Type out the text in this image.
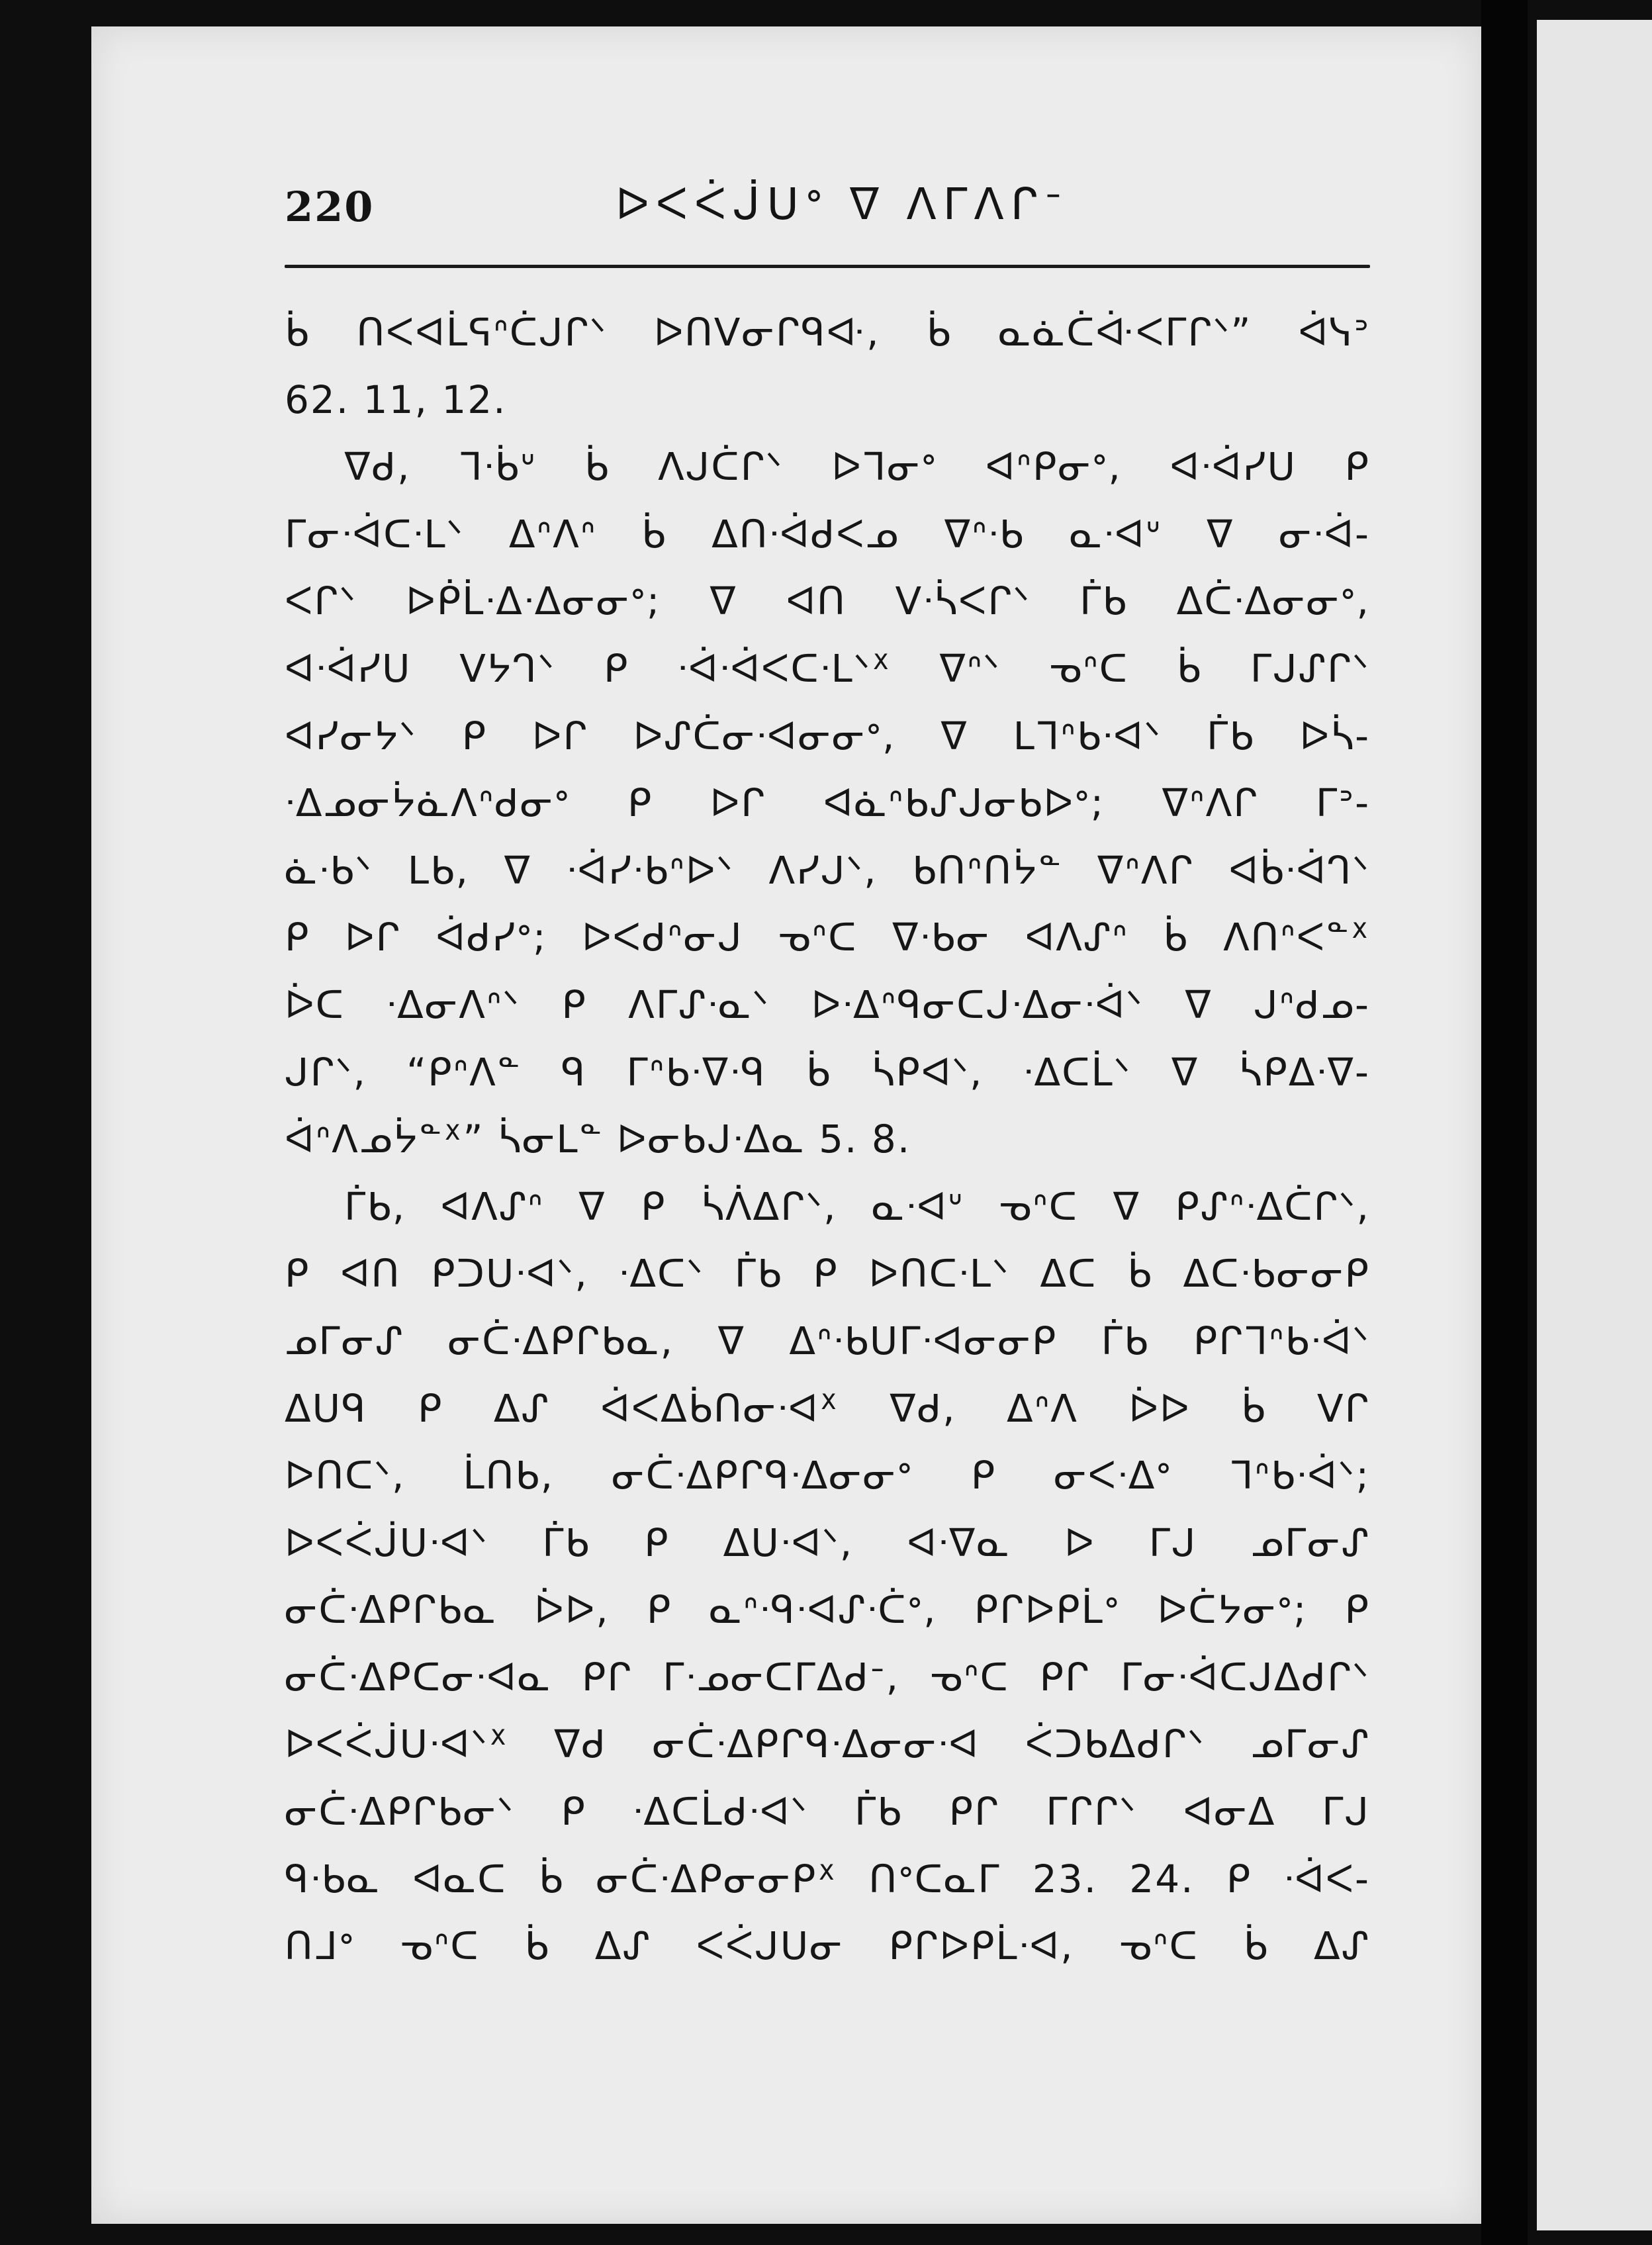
220	ᐅᐸᐹᒎᑌᐤ ᐁ ᐱᒥᐱᒋᐨ
ᑳ ᑎᐸᐊᒫᕋᐢᑖᒍᒋᐠ ᐅᑎᐯᓂᒋᑫᐘ, ᑳ ᓇᓈᑖᐚᐸᒥᒋᐠ” ᐋᓭᐣ
62. 11, 12.
ᐁᑯ, ᒣᐧᑳᐡ ᑳ ᐱᒍᑖᒋᐠ ᐅᒣᓂᐤ ᐊᐢᑭᓂᐤ, ᐊᐧᐋᓯᑌ ᑭ
ᒥᓂᐧᐋᑕᐧᒪᐠ ᐃᐢᐱᐢ ᑳ ᐃᑎᐧᐋᑯᐸᓄ ᐁᐢᐧᑲ ᓇᐧᐊᐡ ᐁ ᓂᐧᐋ-
ᐸᒋᐠ ᐅᑮᒫᐧᐃᐧᐃᓂᓂᐤ; ᐁ ᐊᑎ ᐯᐧᓵᐸᒋᐠ ᒦᑲ ᐃᑖᐧᐃᓂᓂᐤ,
ᐊᐧᐋᓯᑌ ᐯᔭᒉᐠ ᑭ ᐧᐋᐧᐋᐸᑕᐧᒪᐠᕽ ᐁᐢᐠ ᓀᐢᑕ ᑳ ᒥᒍᔑᒋᐠ
ᐊᓯᓂᔭᐠ ᑭ ᐅᒋ ᐅᔑᑖᓂᐧᐊᓂᓂᐤ, ᐁ ᒪᒣᐢᑲᐧᐊᐠ ᒦᑲ ᐅᓵ-
ᐧᐃᓄᓂᔮᓈᐱᐢᑯᓂᐤ ᑭ ᐅᒋ ᐊᓈᐢᑲᔑᒍᓂᑲᐅᐤ; ᐁᐢᐱᒋ ᒥᐣ-
ᓈᐧᑲᐠ ᒪᑲ, ᐁ ᐧᐋᓯᐧᑲᐢᐅᐠ ᐱᓯᒍᐠ, ᑲᑎᐢᑎᔮᓐ ᐁᐢᐱᒋ ᐊᑳᐧᐋᒉᐠ
ᑭ ᐅᒋ ᐋᑯᓯᐤ; ᐅᐸᑯᐢᓂᒍ ᓀᐢᑕ ᐁᐧᑲᓂ ᐊᐱᔑᐢ ᑳ ᐱᑎᐢᐸᓐᕽ
ᐆᑕ ᐧᐃᓂᐱᐢᐠ ᑭ ᐱᒥᔑᐧᓇᐠ ᐅᐧᐃᐢᑫᓂᑕᒍᐧᐃᓂᐧᐋᐠ ᐁ ᒍᐢᑯᓄ-
ᒍᒋᐠ, “ᑭᐢᐱᓐ ᑫ ᒥᐢᑲᐧᐁᐧᑫ ᑳ ᓵᑭᐊᐠ, ᐧᐃᑕᒫᐠ ᐁ ᓵᑭᐃᐧᐁ-
ᐋᐢᐱᓄᔮᓐᕽ” ᓵᓂᒪᓐ ᐅᓂᑲᒍᐧᐃᓇ 5. 8.
ᒦᑲ, ᐊᐱᔑᐢ ᐁ ᑭ ᓵᐲᐃᒋᐠ, ᓇᐧᐊᐡ ᓀᐢᑕ ᐁ ᑭᔑᐢᐧᐃᑖᒋᐠ,
ᑭ ᐊᑎ ᑭᑐᑌᐧᐊᐠ, ᐧᐃᑕᐠ ᒦᑲ ᑭ ᐅᑎᑕᐧᒪᐠ ᐃᑕ ᑳ ᐃᑕᐧᑲᓂᓂᑭ
ᓄᒥᓂᔑ ᓂᑖᐧᐃᑭᒋᑲᓇ, ᐁ ᐃᐢᐧᑲᑌᒥᐧᐊᓂᓂᑭ ᒦᑲ ᑭᒋᒣᐢᑲᐧᐋᐠ
ᐃᑌᑫ ᑭ ᐃᔑ ᐋᐸᐃᑳᑎᓂᐧᐊᕽ ᐁᑯ, ᐃᐢᐱ ᐆᐅ ᑳ ᐯᒋ
ᐅᑎᑕᐠ, ᒫᑎᑲ, ᓂᑖᐧᐃᑭᒋᑫᐧᐃᓂᓂᐤ ᑭ ᓂᐸᐧᐃᐤ ᒣᐢᑲᐧᐋᐠ;
ᐅᐸᐹᒎᑌᐧᐊᐠ ᒦᑲ ᑭ ᐃᑌᐧᐊᐠ, ᐊᐧᐁᓇ ᐅ ᒥᒍ ᓄᒥᓂᔑ
ᓂᑖᐧᐃᑭᒋᑲᓇ ᐆᐅ, ᑭ ᓇᐢᐧᑫᐧᐊᔑᐧᑖᐤ, ᑭᒋᐅᑭᒫᐤ ᐅᑖᔭᓂᐤ; ᑭ
ᓂᑖᐧᐃᑭᑕᓂᐧᐊᓇ ᑭᒋ ᒥᐧᓄᓂᑕᒥᐃᑯᐨ, ᓀᐢᑕ ᑭᒋ ᒥᓂᐧᐋᑕᒍᐃᑯᒋᐠ
ᐅᐸᐹᒎᑌᐧᐊᐠᕽ ᐁᑯ ᓂᑖᐧᐃᑭᒋᑫᐧᐃᓂᓂᐧᐊ ᐹᑐᑲᐃᑯᒋᐠ ᓄᒥᓂᔑ
ᓂᑖᐧᐃᑭᒋᑲᓂᐠ ᑭ ᐧᐃᑕᒫᑯᐧᐊᐠ ᒦᑲ ᑭᒋ ᒥᒋᒋᐠ ᐊᓂᐃ ᒥᒍ
ᑫᐧᑲᓇ ᐊᓇᑕ ᑳ ᓂᑖᐧᐃᑭᓂᓂᑭᕽ ᑎᐤᑕᓇᒥ 23. 24. ᑭ ᐧᐋᐸ-
ᑎᒧᐤ ᓀᐢᑕ ᑳ ᐃᔑ ᐸᐹᒍᑌᓂ ᑭᒋᐅᑭᒫᐧᐊ, ᓀᐢᑕ ᑳ ᐃᔑ
